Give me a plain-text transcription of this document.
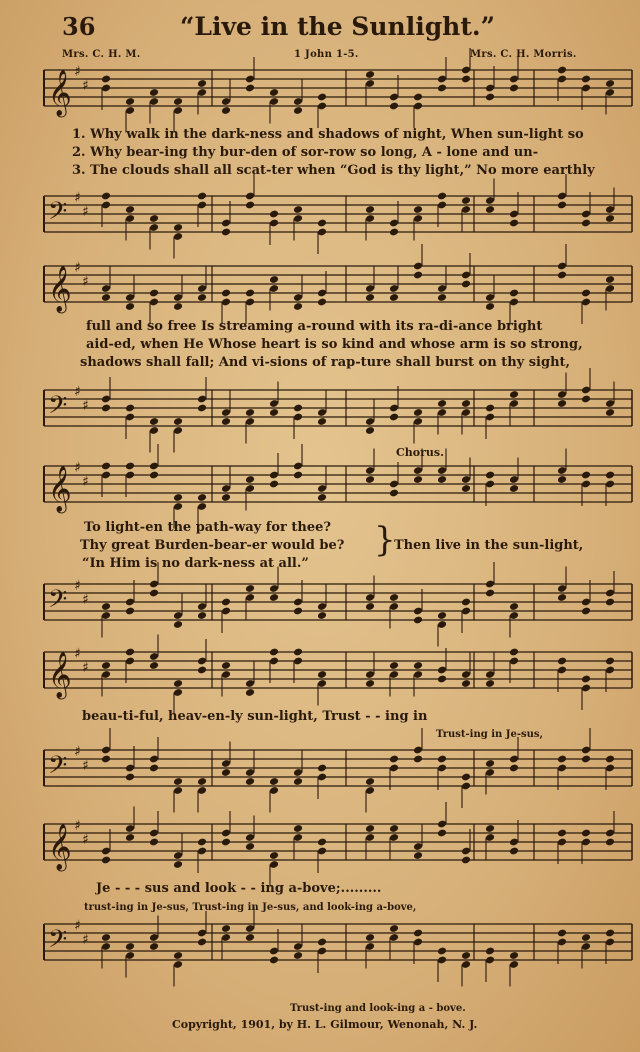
36	“Live in the Sunlight.”
Mrs. C. H. M.	1 John 1-5.	Mrs. C. H. Morris.
𝄞 ♯
♯
1. Why walk in the dark-ness and shadows of night, When sun-light so
2. Why bear-ing thy bur-den of sor-row so long, A - lone and un-
3. The clouds shall all scat-ter when “God is thy light,” No more earthly
𝄢 ♯
♯
𝄞 ♯
♯
full and so free Is streaming a-round with its ra-di-ance bright
aid-ed, when He Whose heart is so kind and whose arm is so strong,
shadows shall fall; And vi-sions of rap-ture shall burst on thy sight,
𝄢 ♯
♯
Chorus.
𝄞 ♯
♯
To light-en the path-way for thee?
Thy great Burden-bear-er would be?
“In Him is no dark-ness at all.”
}
Then live in the sun-light,
𝄢 ♯
♯
𝄞 ♯
♯
beau-ti-ful, heav-en-ly sun-light, Trust - - ing in
Trust-ing in Je-sus,
𝄢 ♯
♯
𝄞 ♯
♯
Je - - - sus and look - - ing a-bove;.........
trust-ing in Je-sus, Trust-ing in Je-sus, and look-ing a-bove,
𝄢 ♯
♯
Trust-ing and look-ing a - bove.
Copyright, 1901, by H. L. Gilmour, Wenonah, N. J.
